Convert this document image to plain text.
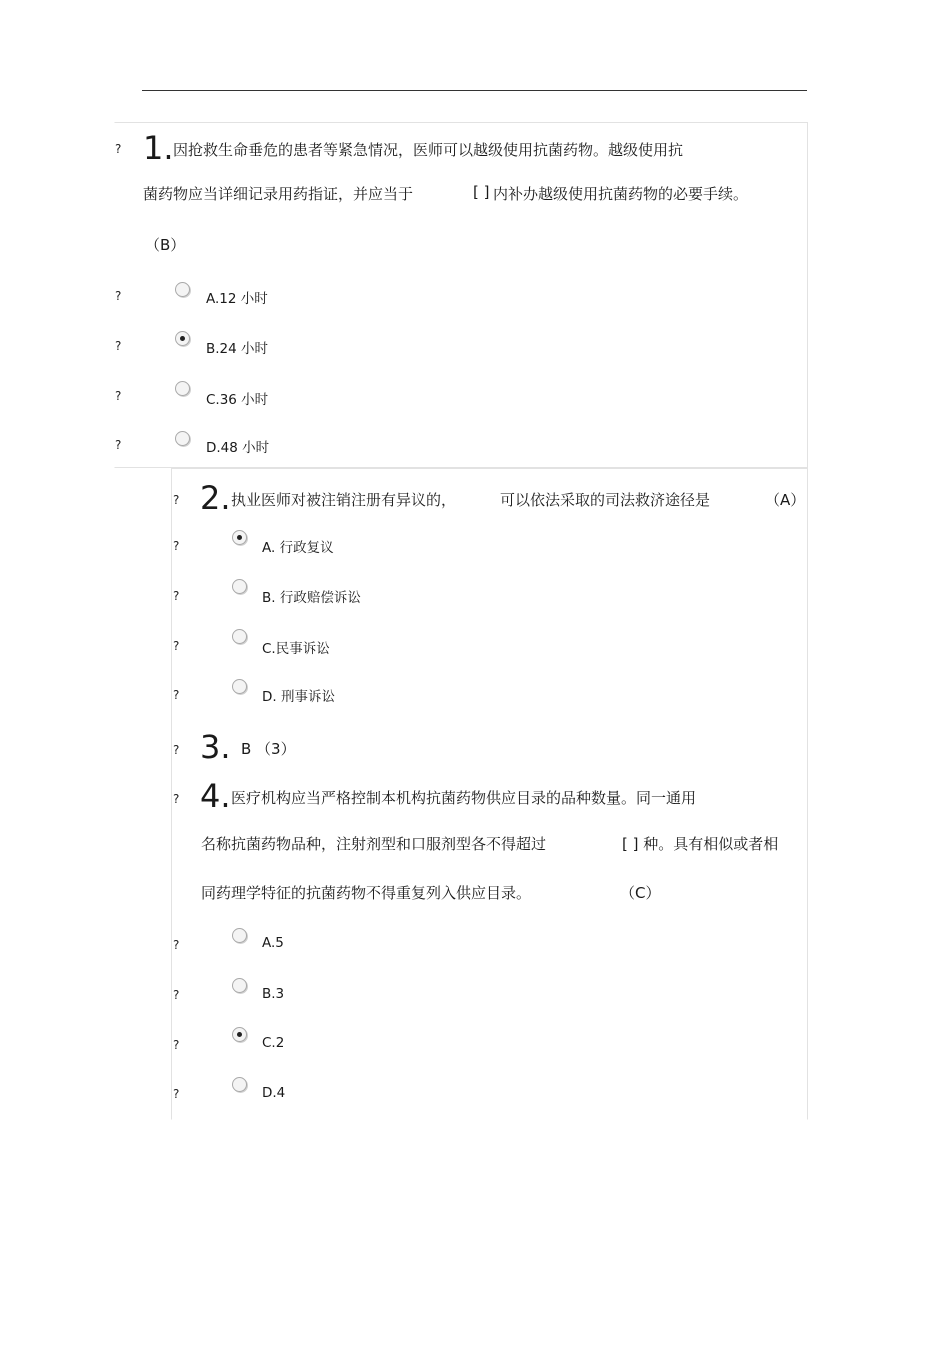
? 1. 因抢救生命垂危的患者等紧急情况，医师可以越级使用抗菌药物。越级使用抗
菌药物应当详细记录用药指证，并应当于	[ ] 内补办越级使用抗菌药物的必要手续。
（B）
?	A.12 小时
?	B.24 小时
?	C.36 小时
?	D.48 小时
? 2. 执业医师对被注销注册有异议的，	可以依法采取的司法救济途径是	（A）
?	A. 行政复议
?	B. 行政赔偿诉讼
?	C.民事诉讼
?	D. 刑事诉讼
? 3. B （3）
? 4. 医疗机构应当严格控制本机构抗菌药物供应目录的品种数量。同一通用
名称抗菌药物品种，注射剂型和口服剂型各不得超过	[ ] 种。具有相似或者相
同药理学特征的抗菌药物不得重复列入供应目录。	（C）
?	A.5
?	B.3
?	C.2
?	D.4
